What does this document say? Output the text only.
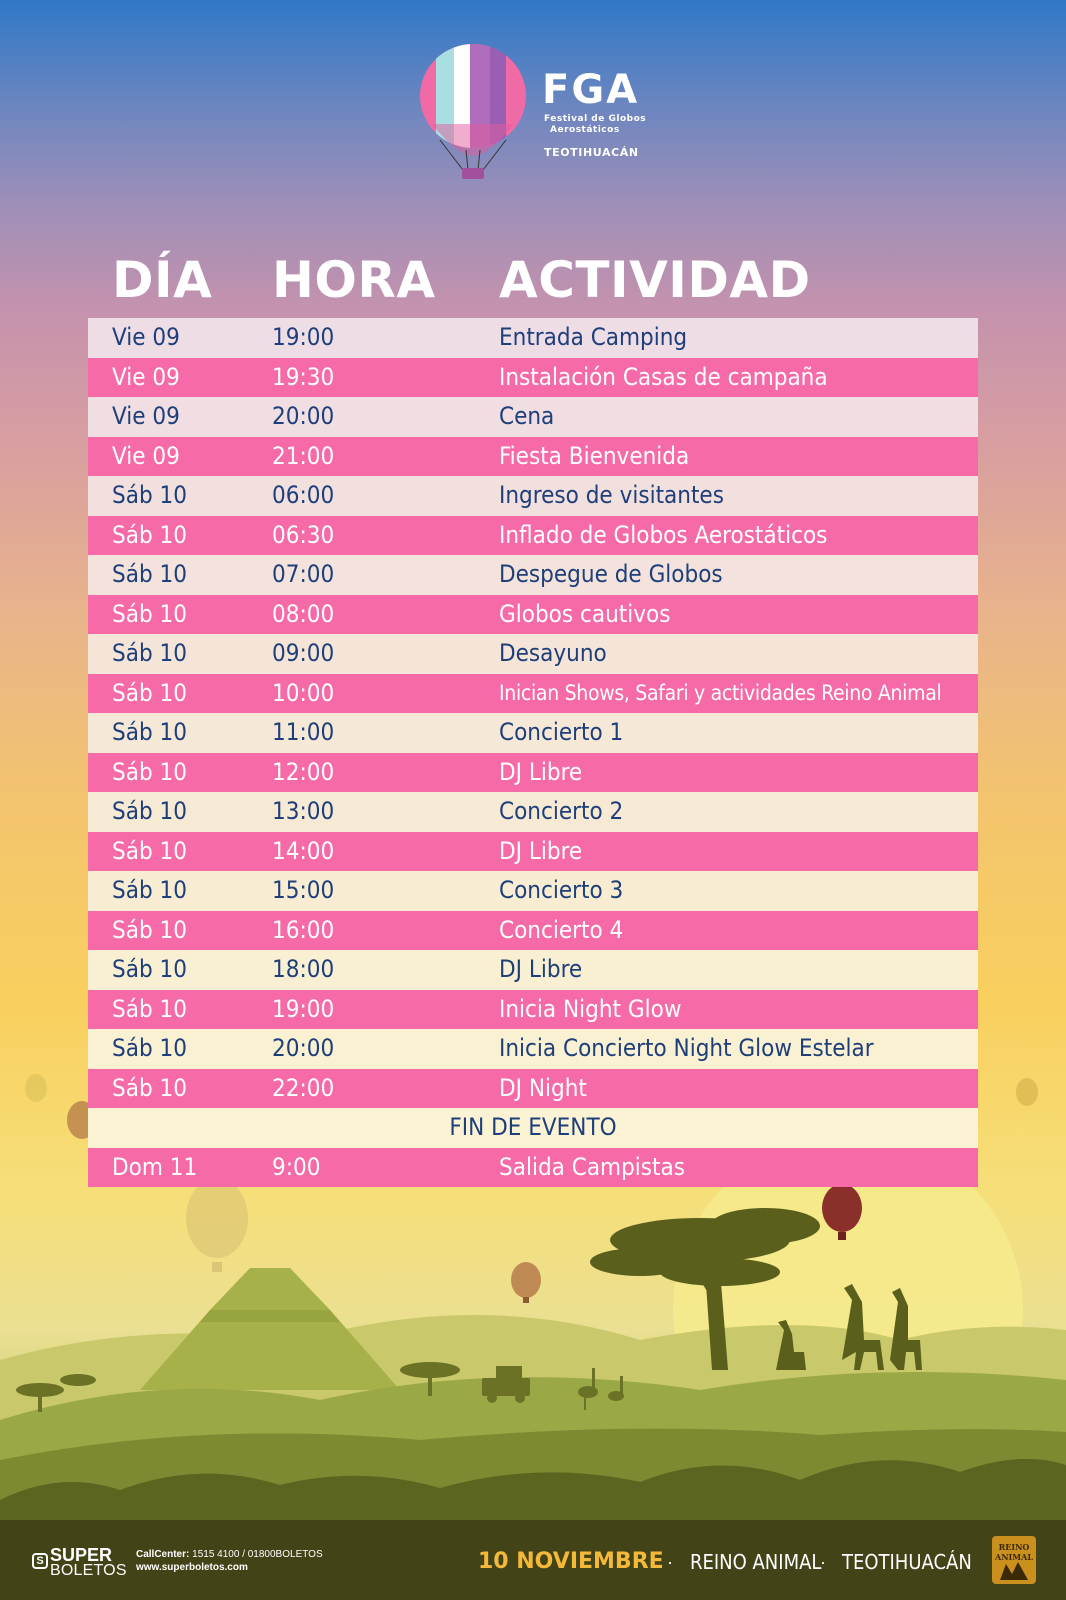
FGA
Festival de Globos
Aerostáticos
TEOTIHUACÁN
DÍA HORA ACTIVIDAD
Vie 09	19:00	Entrada Camping
Vie 09	19:30	Instalación Casas de campaña
Vie 09	20:00	Cena
Vie 09	21:00	Fiesta Bienvenida
Sáb 10	06:00	Ingreso de visitantes
Sáb 10	06:30	Inflado de Globos Aerostáticos
Sáb 10	07:00	Despegue de Globos
Sáb 10	08:00	Globos cautivos
Sáb 10	09:00	Desayuno
Sáb 10	10:00	Inician Shows, Safari y actividades Reino Animal
Sáb 10	11:00	Concierto 1
Sáb 10	12:00	DJ Libre
Sáb 10	13:00	Concierto 2
Sáb 10	14:00	DJ Libre
Sáb 10	15:00	Concierto 3
Sáb 10	16:00	Concierto 4
Sáb 10	18:00	DJ Libre
Sáb 10	19:00	Inicia Night Glow
Sáb 10	20:00	Inicia Concierto Night Glow Estelar
Sáb 10	22:00	DJ Night
FIN DE EVENTO
Dom 11	9:00	Salida Campistas
S SUPER
BOLETOS
CallCenter: 1515 4100 / 01800BOLETOS
www.superboletos.com	10 NOVIEMBRE · REINO ANIMAL
· TEOTIHUACÁN
REINO
ANIMAL
